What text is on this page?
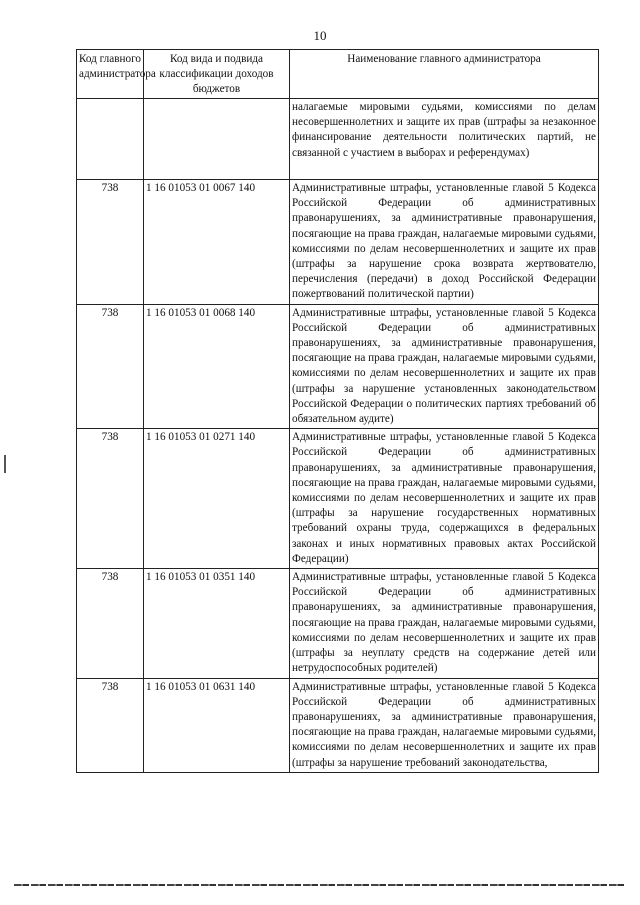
10
Код главного администратора	Код вида и подвида классификации доходов бюджетов	Наименование главного администратора
		налагаемые мировыми судьями, комиссиями по делам несовершеннолетних и защите их прав (штрафы за незаконное финансирование деятельности политических партий, не связанной с участием в выборах и референдумах)
738	1 16 01053 01 0067 140	Административные штрафы, установленные главой 5 Кодекса Российской Федерации об административных правонарушениях, за административные правонарушения, посягающие на права граждан, налагаемые мировыми судьями, комиссиями по делам несовершеннолетних и защите их прав (штрафы за нарушение срока возврата жертвователю, перечисления (передачи) в доход Российской Федерации пожертвований политической партии)
738	1 16 01053 01 0068 140	Административные штрафы, установленные главой 5 Кодекса Российской Федерации об административных правонарушениях, за административные правонарушения, посягающие на права граждан, налагаемые мировыми судьями, комиссиями по делам несовершеннолетних и защите их прав (штрафы за нарушение установленных законодательством Российской Федерации о политических партиях требований об обязательном аудите)
738	1 16 01053 01 0271 140	Административные штрафы, установленные главой 5 Кодекса Российской Федерации об административных правонарушениях, за административные правонарушения, посягающие на права граждан, налагаемые мировыми судьями, комиссиями по делам несовершеннолетних и защите их прав (штрафы за нарушение государственных нормативных требований охраны труда, содержащихся в федеральных законах и иных нормативных правовых актах Российской Федерации)
738	1 16 01053 01 0351 140	Административные штрафы, установленные главой 5 Кодекса Российской Федерации об административных правонарушениях, за административные правонарушения, посягающие на права граждан, налагаемые мировыми судьями, комиссиями по делам несовершеннолетних и защите их прав (штрафы за неуплату средств на содержание детей или нетрудоспособных родителей)
738	1 16 01053 01 0631 140	Административные штрафы, установленные главой 5 Кодекса Российской Федерации об административных правонарушениях, за административные правонарушения, посягающие на права граждан, налагаемые мировыми судьями, комиссиями по делам несовершеннолетних и защите их прав (штрафы за нарушение требований законодательства,
